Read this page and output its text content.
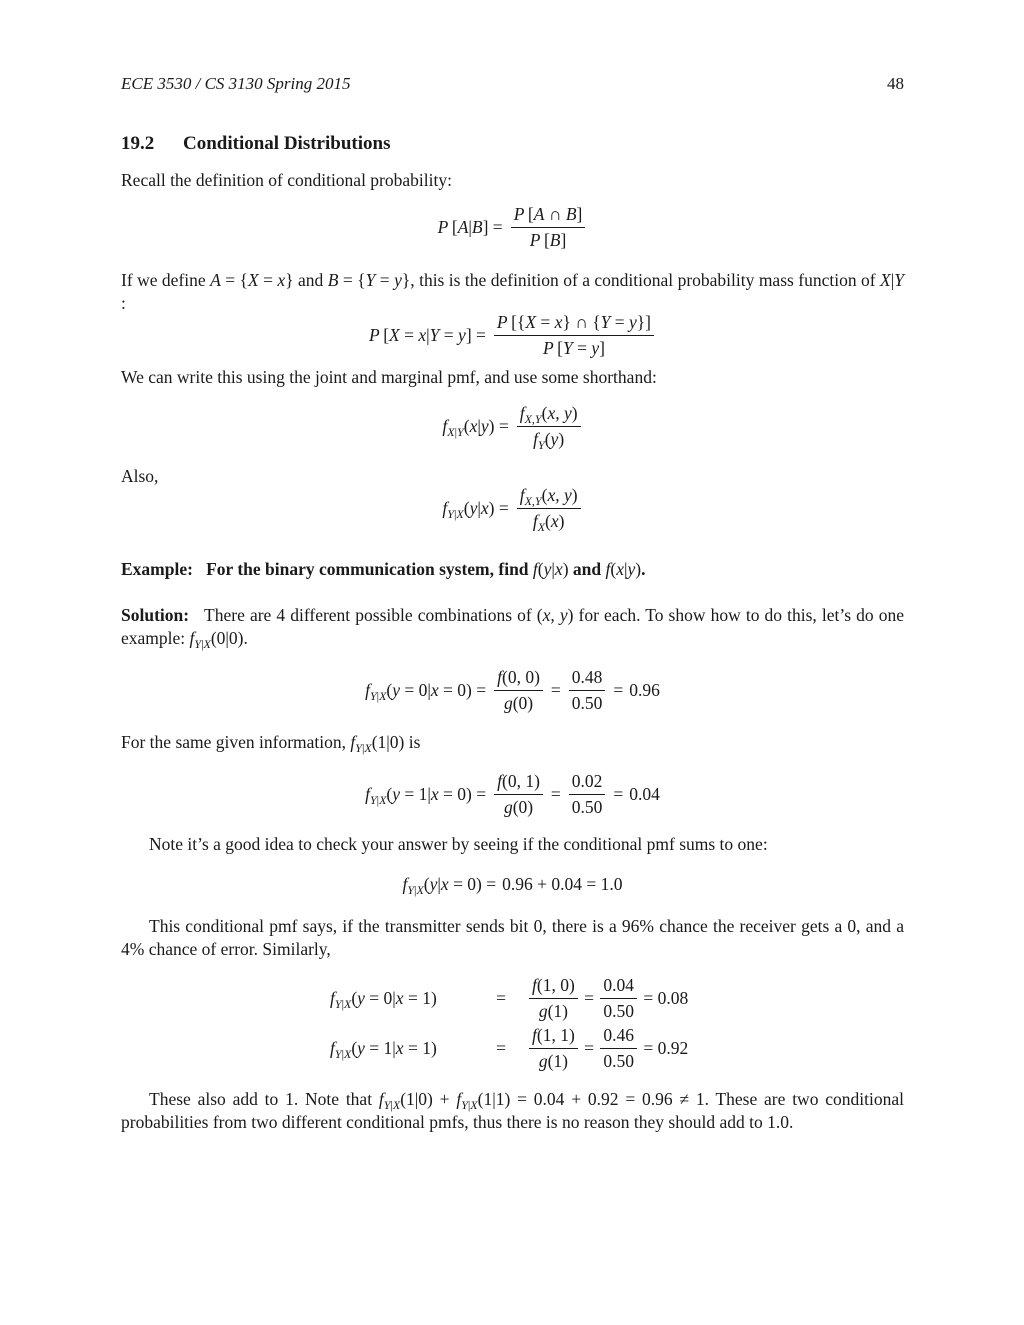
ECE 3530 / CS 3130 Spring 2015	48
19.2 Conditional Distributions

Recall the definition of conditional probability:

P $[A|B] = \frac{P [A \cap B]}{P [B]}$

If we define A = {X = x} and B = {Y = y}, this is the definition of a conditional probability mass function of X|Y :

P $[X = x|Y = y] = \frac{P [\{X = x\} \cap \{Y = y\}]}{P [Y = y]}$

We can write this using the joint and marginal pmf, and use some shorthand:

$f_{X|Y}(x|y) = \frac{f_{X,Y}(x, y)}{f_Y(y)}$

Also,

$f_{Y|X}(y|x) = \frac{f_{X,Y}(x, y)}{f_X(x)}$

Example: For the binary communication system, find f(y|x) and f(x|y).

Solution: There are 4 different possible combinations of (x, y) for each. To show how to do this, let’s do one example: $f_{Y|X}(0|0)$.

$f_{Y|X}(y = 0|x = 0) = \frac{f(0, 0)}{g(0)} = \frac{0.48}{0.50} = 0.96$

For the same given information, $f_{Y|X}(1|0)$ is

$f_{Y|X}(y = 1|x = 0) = \frac{f(0, 1)}{g(0)} = \frac{0.02}{0.50} = 0.04$

Note it’s a good idea to check your answer by seeing if the conditional pmf sums to one:

$f_{Y|X}(y|x = 0) = 0.96 + 0.04 = 1.0$

This conditional pmf says, if the transmitter sends bit 0, there is a 96% chance the receiver gets a 0, and a 4% chance of error. Similarly,

$f_{Y|X}(y = 0|x = 1)$	=	$\frac{f(1, 0)}{g(1)} = \frac{0.04}{0.50} = 0.08$
$f_{Y|X}(y = 1|x = 1)$	=	$\frac{f(1, 1)}{g(1)} = \frac{0.46}{0.50} = 0.92$

These also add to 1. Note that $f_{Y|X}(1|0) + f_{Y|X}(1|1) = 0.04 + 0.92 = 0.96 \ne 1$. These are two conditional probabilities from two different conditional pmfs, thus there is no reason they should add to 1.0.
